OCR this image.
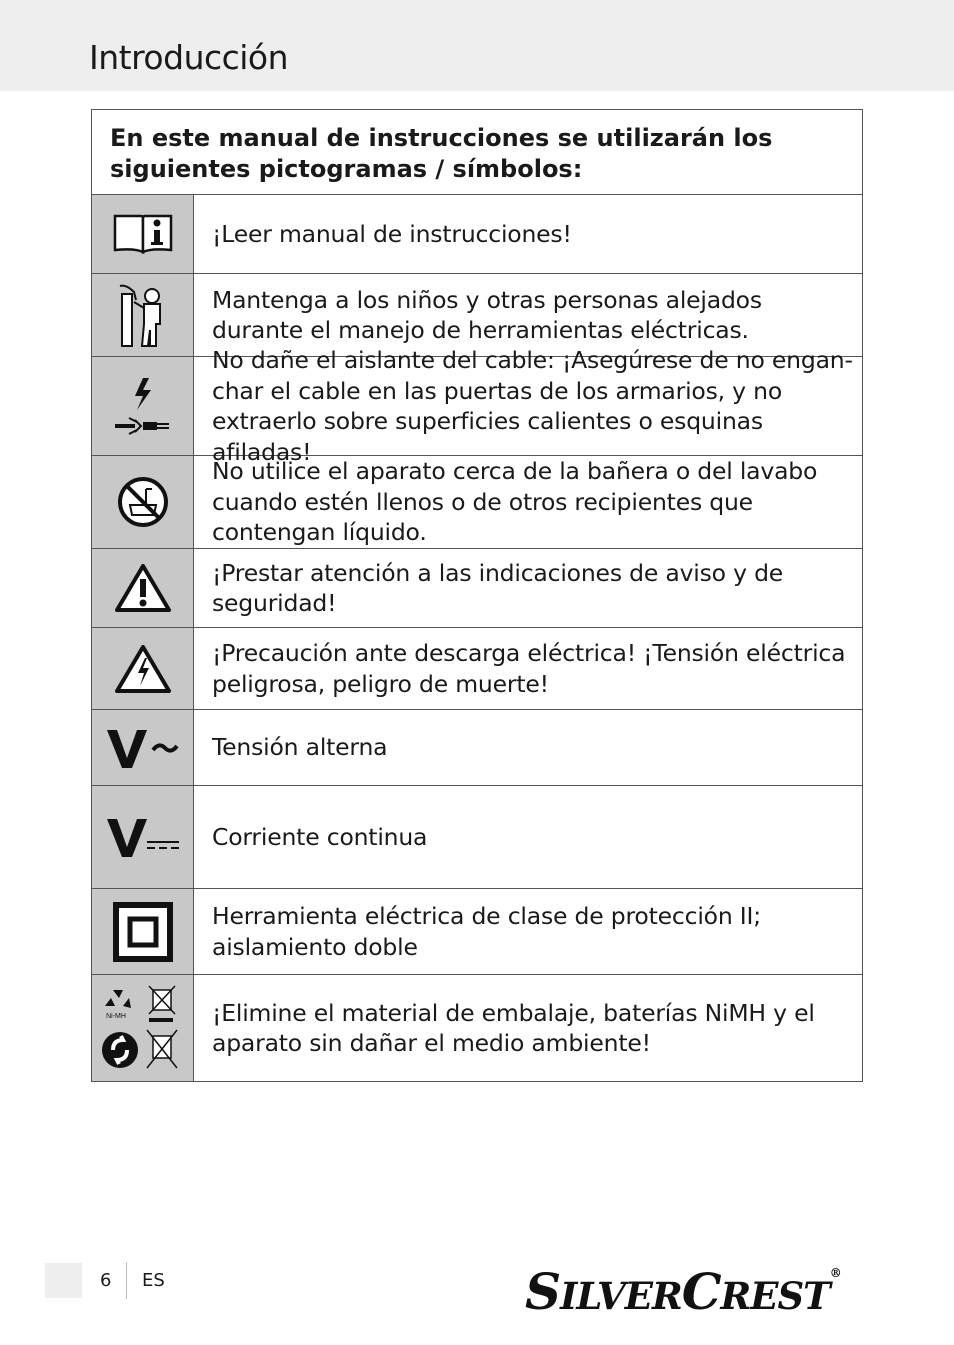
Introducción
En este manual de instrucciones se utilizarán los siguientes pictogramas / símbolos:
¡Leer manual de instrucciones!
Mantenga a los niños y otras personas alejados durante el manejo de herramientas eléctricas.
No dañe el aislante del cable: ¡Asegúrese de no engan-char el cable en las puertas de los armarios, y no extraerlo sobre superficies calientes o esquinas afiladas!
No utilice el aparato cerca de la bañera o del lavabo cuando estén llenos o de otros recipientes que contengan líquido.
¡Prestar atención a las indicaciones de aviso y de seguridad!
¡Precaución ante descarga eléctrica! ¡Tensión eléctrica peligrosa, peligro de muerte!
Tensión alterna
Corriente continua
Herramienta eléctrica de clase de protección II; aislamiento doble
Ni-MH	¡Elimine el material de embalaje, baterías NiMH y el aparato sin dañar el medio ambiente!
6 ES	SILVERCREST®
